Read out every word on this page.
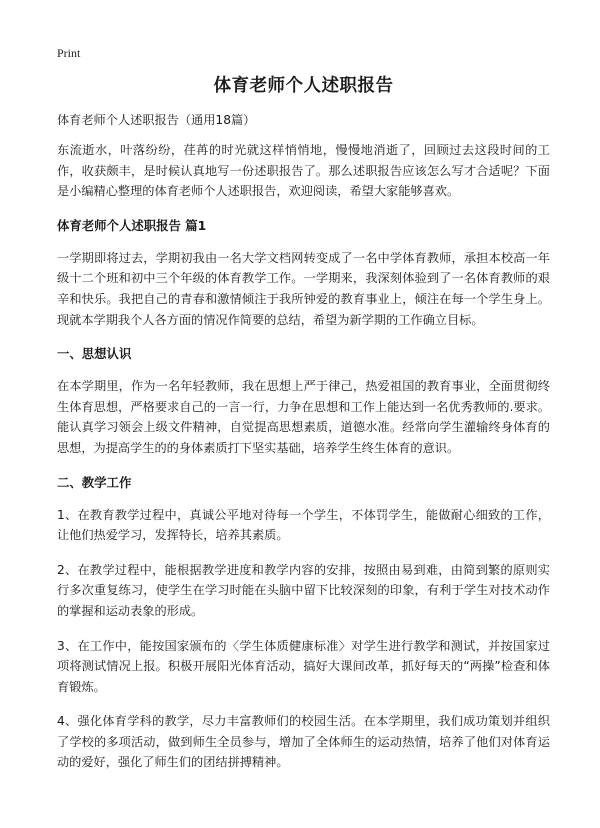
Print
体育老师个人述职报告
体育老师个人述职报告（通用18篇）

东流逝水，叶落纷纷，荏苒的时光就这样悄悄地，慢慢地消逝了，回顾过去这段时间的工作，收获颇丰，是时候认真地写一份述职报告了。那么述职报告应该怎么写才合适呢？下面是小编精心整理的体育老师个人述职报告，欢迎阅读，希望大家能够喜欢。

体育老师个人述职报告 篇1

一学期即将过去，学期初我由一名大学文档网转变成了一名中学体育教师，承担本校高一年级十二个班和初中三个年级的体育教学工作。一学期来，我深刻体验到了一名体育教师的艰辛和快乐。我把自己的青春和激情倾注于我所钟爱的教育事业上，倾注在每一个学生身上。现就本学期我个人各方面的情况作简要的总结，希望为新学期的工作确立目标。

一、思想认识

在本学期里，作为一名年轻教师，我在思想上严于律己，热爱祖国的教育事业，全面贯彻终生体育思想，严格要求自己的一言一行，力争在思想和工作上能达到一名优秀教师的.要求。能认真学习领会上级文件精神，自觉提高思想素质，道德水准。经常向学生灌输终身体育的思想，为提高学生的的身体素质打下坚实基础，培养学生终生体育的意识。

二、教学工作

1、在教育教学过程中，真诚公平地对待每一个学生，不体罚学生，能做耐心细致的工作，让他们热爱学习，发挥特长，培养其素质。

2、在教学过程中，能根据教学进度和教学内容的安排，按照由易到难，由简到繁的原则实行多次重复练习，使学生在学习时能在头脑中留下比较深刻的印象，有利于学生对技术动作的掌握和运动表象的形成。

3、在工作中，能按国家颁布的〈学生体质健康标准〉对学生进行教学和测试，并按国家过项将测试情况上报。积极开展阳光体育活动，搞好大课间改革，抓好每天的“两操”检查和体育锻炼。

4、强化体育学科的教学，尽力丰富教师们的校园生活。在本学期里，我们成功策划并组织了学校的多项活动，做到师生全员参与，增加了全体师生的运动热情，培养了他们对体育运动的爱好，强化了师生们的团结拼搏精神。
